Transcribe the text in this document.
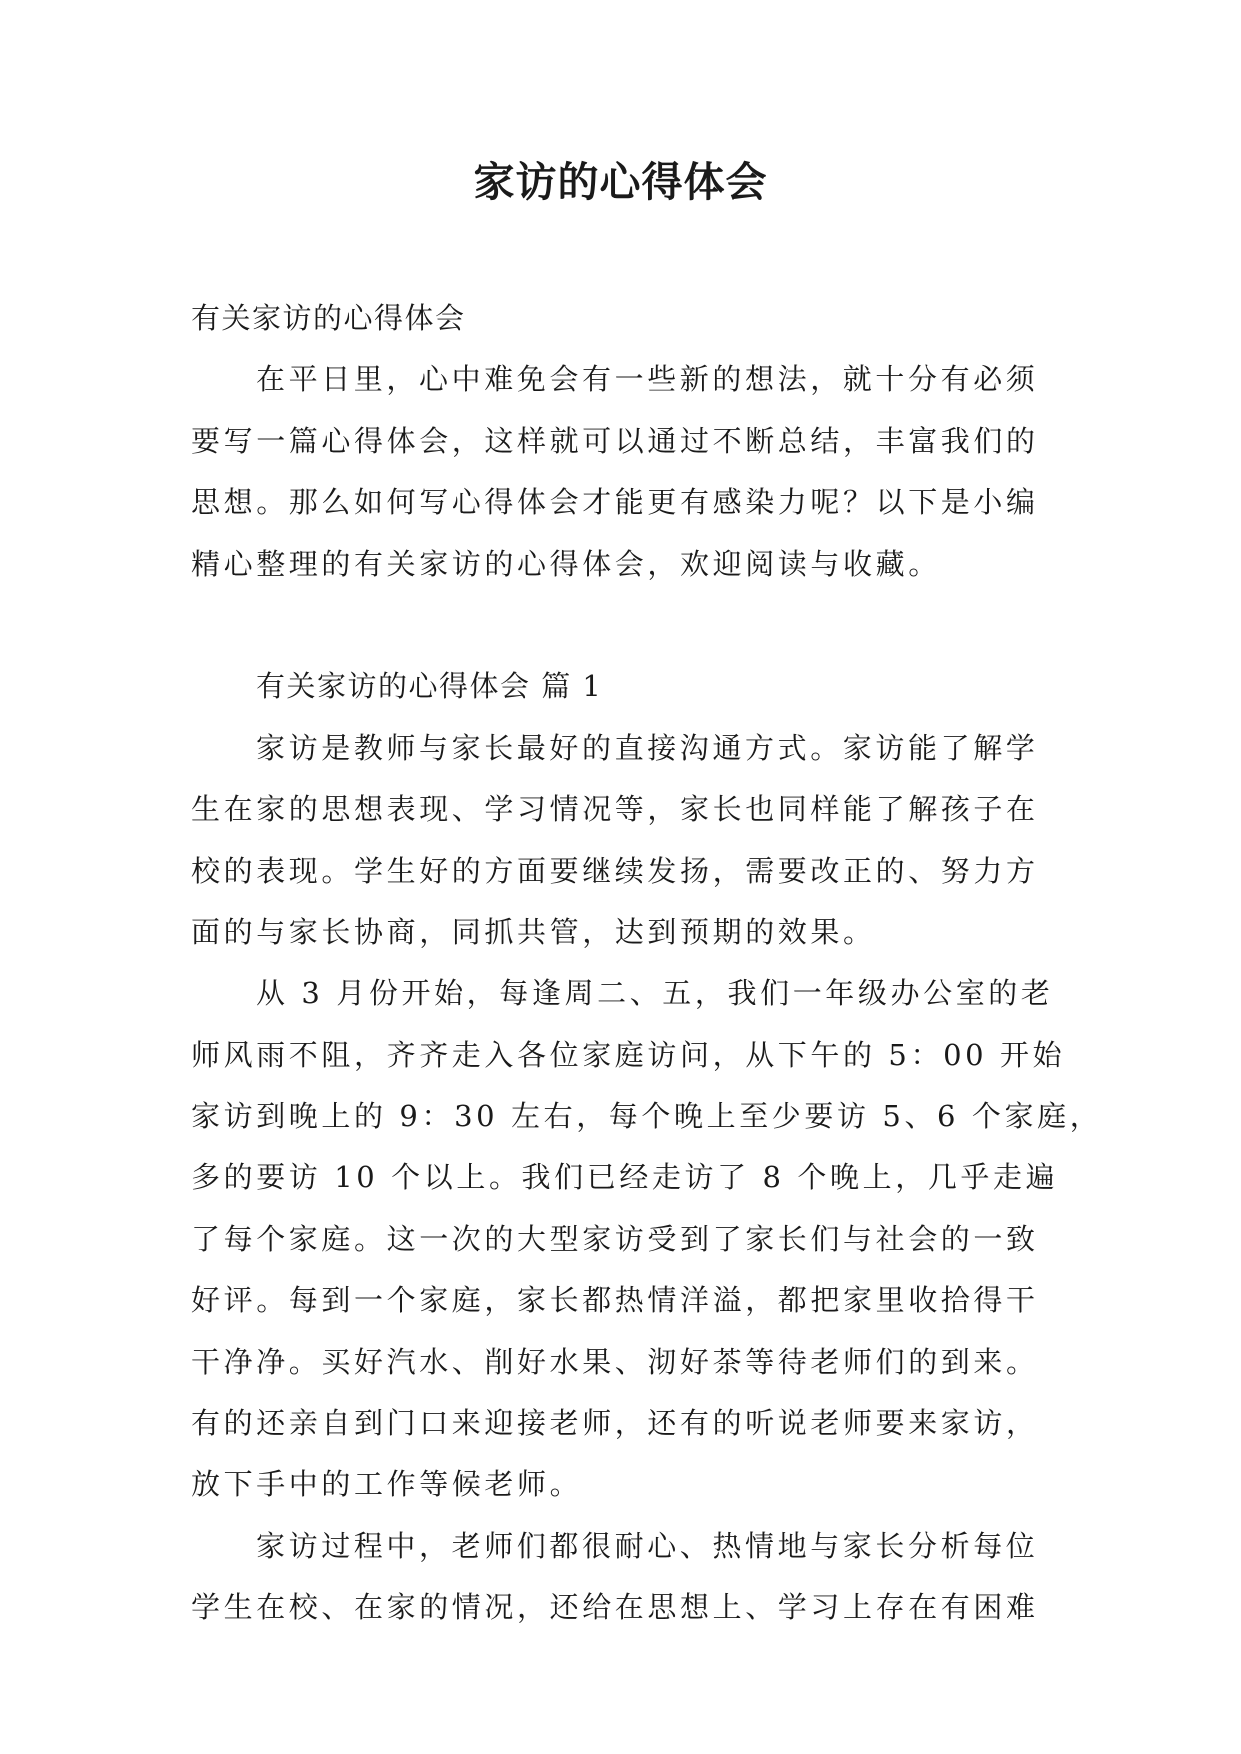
家访的心得体会
有关家访的心得体会
在平日里，心中难免会有一些新的想法，就十分有必须
要写一篇心得体会，这样就可以通过不断总结，丰富我们的
思想。那么如何写心得体会才能更有感染力呢？以下是小编
精心整理的有关家访的心得体会，欢迎阅读与收藏。
有关家访的心得体会 篇 1
家访是教师与家长最好的直接沟通方式。家访能了解学
生在家的思想表现、学习情况等，家长也同样能了解孩子在
校的表现。学生好的方面要继续发扬，需要改正的、努力方
面的与家长协商，同抓共管，达到预期的效果。
从 3 月份开始，每逢周二、五，我们一年级办公室的老
师风雨不阻，齐齐走入各位家庭访问，从下午的 5：00 开始
家访到晚上的 9：30 左右，每个晚上至少要访 5、6 个家庭，
多的要访 10 个以上。我们已经走访了 8 个晚上，几乎走遍
了每个家庭。这一次的大型家访受到了家长们与社会的一致
好评。每到一个家庭，家长都热情洋溢，都把家里收拾得干
干净净。买好汽水、削好水果、沏好茶等待老师们的到来。
有的还亲自到门口来迎接老师，还有的听说老师要来家访，
放下手中的工作等候老师。
家访过程中，老师们都很耐心、热情地与家长分析每位
学生在校、在家的情况，还给在思想上、学习上存在有困难
